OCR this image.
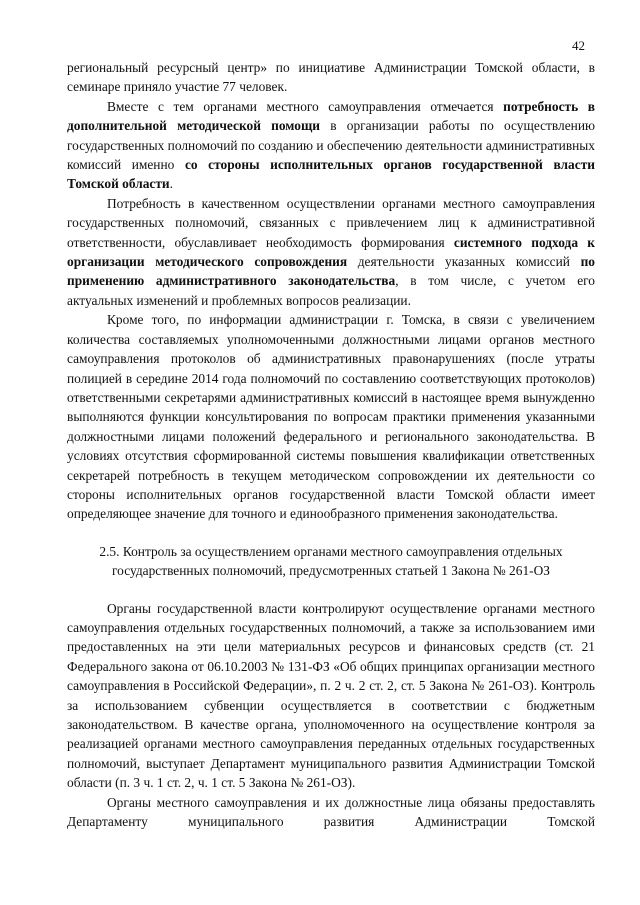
42

региональный ресурсный центр» по инициативе Администрации Томской области, в семинаре приняло участие 77 человек.

Вместе с тем органами местного самоуправления отмечается потребность в дополнительной методической помощи в организации работы по осуществлению государственных полномочий по созданию и обеспечению деятельности административных комиссий именно со стороны исполнительных органов государственной власти Томской области.

Потребность в качественном осуществлении органами местного самоуправления государственных полномочий, связанных с привлечением лиц к административной ответственности, обуславливает необходимость формирования системного подхода к организации методического сопровождения деятельности указанных комиссий по применению административного законодательства, в том числе, с учетом его актуальных изменений и проблемных вопросов реализации.

Кроме того, по информации администрации г. Томска, в связи с увеличением количества составляемых уполномоченными должностными лицами органов местного самоуправления протоколов об административных правонарушениях (после утраты полицией в середине 2014 года полномочий по составлению соответствующих протоколов) ответственными секретарями административных комиссий в настоящее время вынужденно выполняются функции консультирования по вопросам практики применения указанными должностными лицами положений федерального и регионального законодательства. В условиях отсутствия сформированной системы повышения квалификации ответственных секретарей потребность в текущем методическом сопровождении их деятельности со стороны исполнительных органов государственной власти Томской области имеет определяющее значение для точного и единообразного применения законодательства.

2.5. Контроль за осуществлением органами местного самоуправления отдельных
государственных полномочий, предусмотренных статьей 1 Закона № 261-ОЗ

Органы государственной власти контролируют осуществление органами местного самоуправления отдельных государственных полномочий, а также за использованием ими предоставленных на эти цели материальных ресурсов и финансовых средств (ст. 21 Федерального закона от 06.10.2003 № 131-ФЗ «Об общих принципах организации местного самоуправления в Российской Федерации», п. 2 ч. 2 ст. 2, ст. 5 Закона № 261-ОЗ). Контроль за использованием субвенции осуществляется в соответствии с бюджетным законодательством. В качестве органа, уполномоченного на осуществление контроля за реализацией органами местного самоуправления переданных отдельных государственных полномочий, выступает Департамент муниципального развития Администрации Томской области (п. 3 ч. 1 ст. 2, ч. 1 ст. 5 Закона № 261-ОЗ).

Органы местного самоуправления и их должностные лица обязаны предоставлять Департаменту муниципального развития Администрации Томской
